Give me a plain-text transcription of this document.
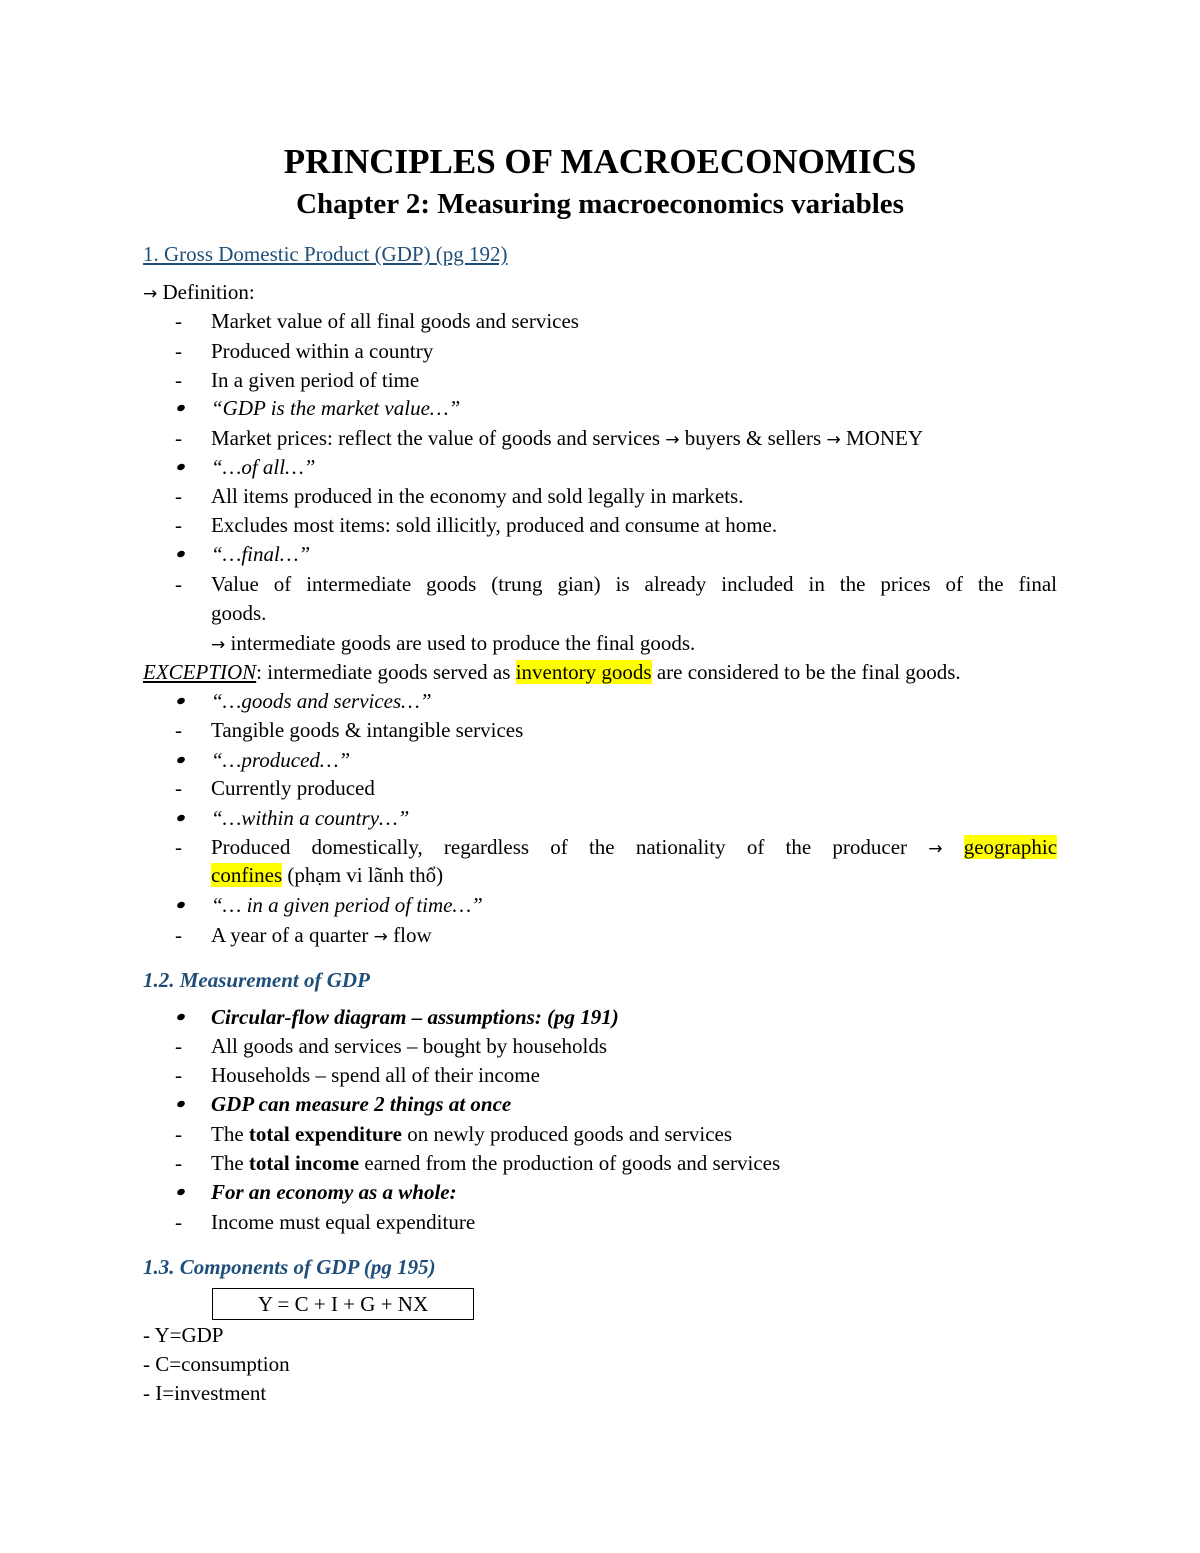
PRINCIPLES OF MACROECONOMICS
Chapter 2: Measuring macroeconomics variables
1. Gross Domestic Product (GDP) (pg 192)
→ Definition:
-	Market value of all final goods and services
-	Produced within a country
-	In a given period of time
“GDP is the market value…”
-	Market prices: reflect the value of goods and services → buyers & sellers → MONEY
“…of all…”
-	All items produced in the economy and sold legally in markets.
-	Excludes most items: sold illicitly, produced and consume at home.
“…final…”
-	Value of intermediate goods (trung gian) is already included in the prices of the final
goods.
→ intermediate goods are used to produce the final goods.
EXCEPTION: intermediate goods served as inventory goods are considered to be the final goods.
“…goods and services…”
-	Tangible goods & intangible services
“…produced…”
-	Currently produced
“…within a country…”
-	Produced domestically, regardless of the nationality of the producer → geographic
confines (phạm vi lãnh thổ)
“… in a given period of time…”
-	A year of a quarter → flow
1.2. Measurement of GDP
Circular-flow diagram – assumptions: (pg 191)
-	All goods and services – bought by households
-	Households – spend all of their income
GDP can measure 2 things at once
-	The total expenditure on newly produced goods and services
-	The total income earned from the production of goods and services
For an economy as a whole:
-	Income must equal expenditure
1.3. Components of GDP (pg 195)
Y = C + I + G + NX
- Y=GDP
- C=consumption
- I=investment
